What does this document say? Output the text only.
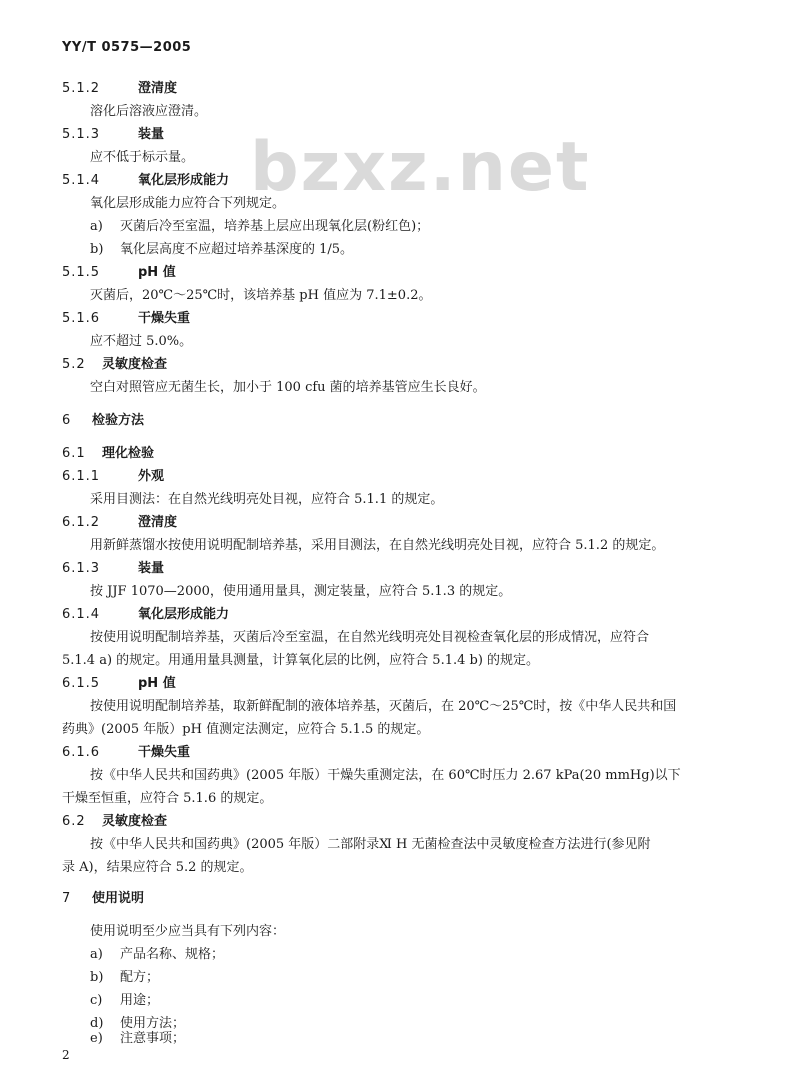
YY/T 0575—2005
bzxz.net
5.1.2	澄清度
溶化后溶液应澄清。
5.1.3	装量
应不低于标示量。
5.1.4	氧化层形成能力
氧化层形成能力应符合下列规定。
a) 灭菌后冷至室温，培养基上层应出现氧化层(粉红色)；
b) 氧化层高度不应超过培养基深度的 1/5。
5.1.5	pH 值
灭菌后，20℃～25℃时，该培养基 pH 值应为 7.1±0.2。
5.1.6	干燥失重
应不超过 5.0%。
5.2 灵敏度检查
空白对照管应无菌生长，加小于 100 cfu 菌的培养基管应生长良好。
6 检验方法
6.1 理化检验
6.1.1	外观
采用目测法：在自然光线明亮处目视，应符合 5.1.1 的规定。
6.1.2	澄清度
用新鲜蒸馏水按使用说明配制培养基，采用目测法，在自然光线明亮处目视，应符合 5.1.2 的规定。
6.1.3	装量
按 JJF 1070—2000，使用通用量具，测定装量，应符合 5.1.3 的规定。
6.1.4	氧化层形成能力
按使用说明配制培养基，灭菌后冷至室温，在自然光线明亮处目视检查氧化层的形成情况，应符合
5.1.4 a) 的规定。用通用量具测量，计算氧化层的比例，应符合 5.1.4 b) 的规定。
6.1.5	pH 值
按使用说明配制培养基，取新鲜配制的液体培养基，灭菌后，在 20℃～25℃时，按《中华人民共和国
药典》(2005 年版）pH 值测定法测定，应符合 5.1.5 的规定。
6.1.6	干燥失重
按《中华人民共和国药典》(2005 年版）干燥失重测定法，在 60℃时压力 2.67 kPa(20 mmHg)以下
干燥至恒重，应符合 5.1.6 的规定。
6.2 灵敏度检查
按《中华人民共和国药典》(2005 年版）二部附录Ⅺ H 无菌检查法中灵敏度检查方法进行(参见附
录 A)，结果应符合 5.2 的规定。
7 使用说明
使用说明至少应当具有下列内容：
a) 产品名称、规格；
b) 配方；
c) 用途；
d) 使用方法；
e) 注意事项；
2
